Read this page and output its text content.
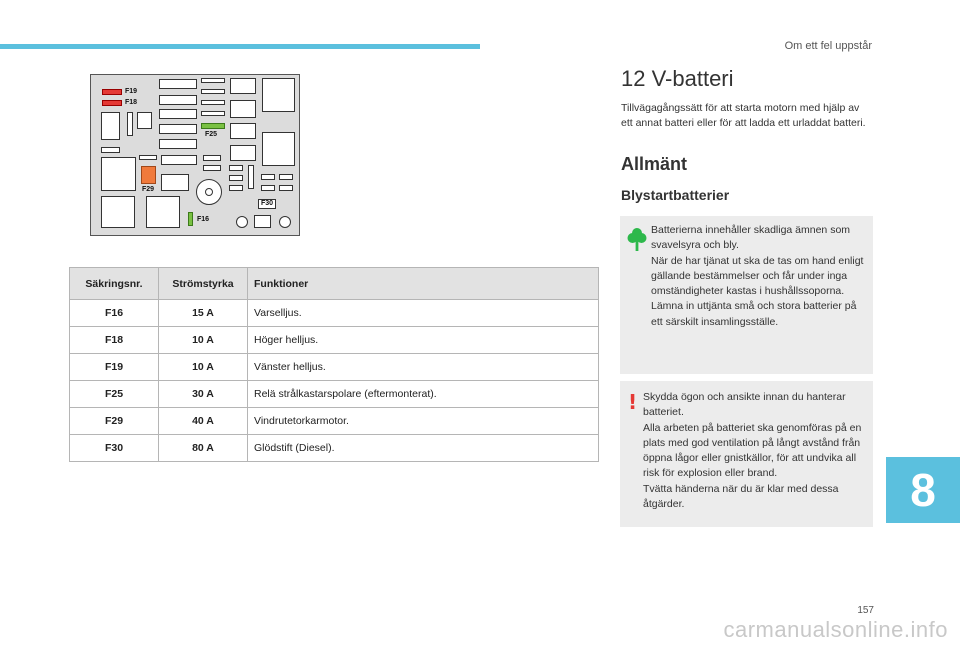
Om ett fel uppstår
F19
F18
F25
F29
F16
F30
Säkringsnr.	Strömstyrka	Funktioner
F16	15 A	Varselljus.
F18	10 A	Höger helljus.
F19	10 A	Vänster helljus.
F25	30 A	Relä strålkastarspolare (eftermonterat).
F29	40 A	Vindrutetorkarmotor.
F30	80 A	Glödstift (Diesel).
12 V-batteri

Tillvägagångssätt för att starta motorn med hjälp av ett annat batteri eller för att ladda ett urladdat batteri.

Allmänt
Blystartbatterier

Batterierna innehåller skadliga ämnen som svavelsyra och bly.

När de har tjänat ut ska de tas om hand enligt gällande bestämmelser och får under inga omständigheter kastas i hushållssoporna.

Lämna in uttjänta små och stora batterier på ett särskilt insamlingsställe.

! Skydda ögon och ansikte innan du hanterar batteriet.

Alla arbeten på batteriet ska genomföras på en plats med god ventilation på långt avstånd från öppna lågor eller gnistkällor, för att undvika all risk för explosion eller brand.

Tvätta händerna när du är klar med dessa åtgärder.	8
157
carmanualsonline.info
